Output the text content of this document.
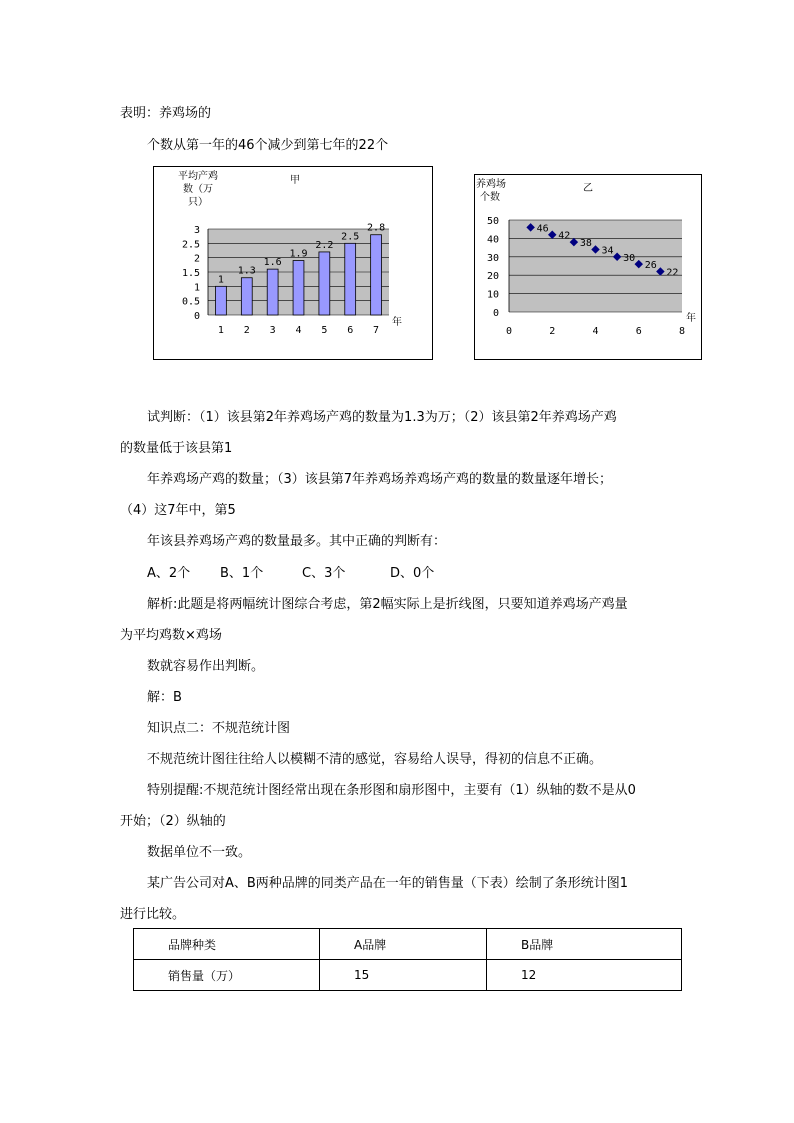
表明：养鸡场的
个数从第一年的46个减少到第七年的22个
甲
平均产鸡
数（万
只）
年
0
0.5
1
1.5
2
2.5
3
1
1
1.3
2
1.6
3
1.9
4
2.2
5
2.5
6
2.8
7
乙
养鸡场
个数
年
0
10
20
30
40
50
0	2	4	6	8
46
42
38
34
30
26
22
试判断：（1）该县第2年养鸡场产鸡的数量为1.3为万；（2）该县第2年养鸡场产鸡
的数量低于该县第1
年养鸡场产鸡的数量；（3）该县第7年养鸡场养鸡场产鸡的数量的数量逐年增长；
（4）这7年中，第5
年该县养鸡场产鸡的数量最多。其中正确的判断有：
A、2个 B、1个	C、3个	D、0个
解析:此题是将两幅统计图综合考虑，第2幅实际上是折线图，只要知道养鸡场产鸡量
为平均鸡数×鸡场
数就容易作出判断。
解：B
知识点二：不规范统计图
不规范统计图往往给人以模糊不清的感觉，容易给人误导，得初的信息不正确。
特别提醒:不规范统计图经常出现在条形图和扇形图中，主要有（1）纵轴的数不是从0
开始；（2）纵轴的
数据单位不一致。
某广告公司对A、B两种品牌的同类产品在一年的销售量（下表）绘制了条形统计图1
进行比较。
品牌种类	A品牌	B品牌
销售量（万）	15	12
